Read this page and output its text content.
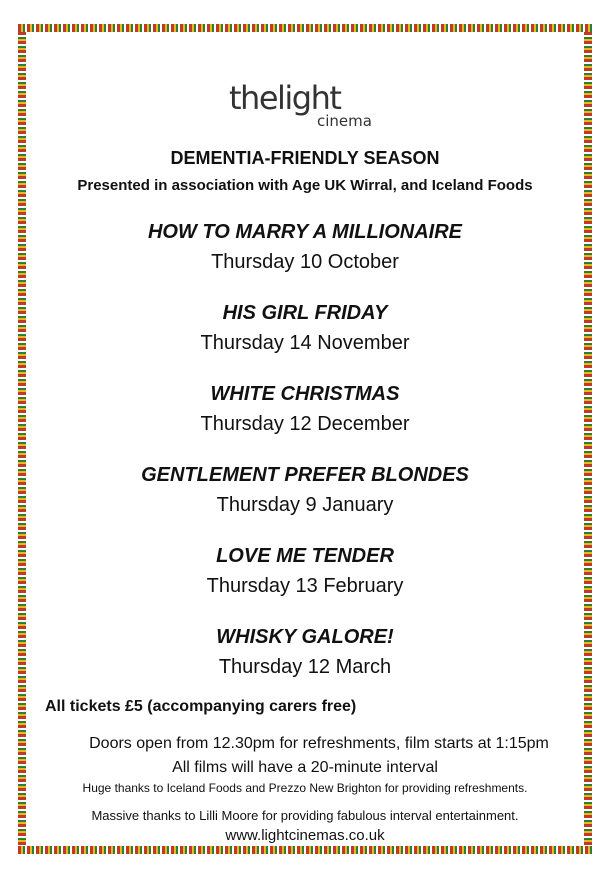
thelight
cinema
DEMENTIA-FRIENDLY SEASON
Presented in association with Age UK Wirral, and Iceland Foods
HOW TO MARRY A MILLIONAIRE
Thursday 10 October
HIS GIRL FRIDAY
Thursday 14 November
WHITE CHRISTMAS
Thursday 12 December
GENTLEMENT PREFER BLONDES
Thursday 9 January
LOVE ME TENDER
Thursday 13 February
WHISKY GALORE!
Thursday 12 March
All tickets £5 (accompanying carers free)
Doors open from 12.30pm for refreshments, film starts at 1:15pm
All films will have a 20-minute interval
Huge thanks to Iceland Foods and Prezzo New Brighton for providing refreshments.
Massive thanks to Lilli Moore for providing fabulous interval entertainment.
www.lightcinemas.co.uk
